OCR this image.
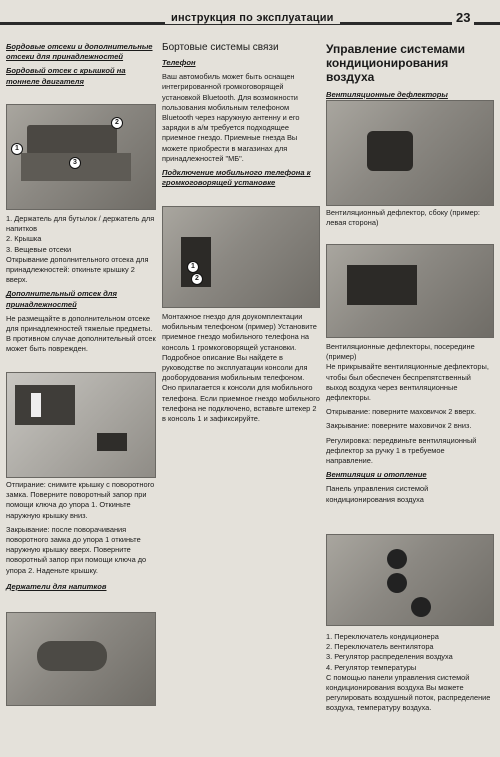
инструкция по эксплуатации	23

Бордовые отсеки и дополнительные отсеки для принадлежностей

Бордовый отсек с крышкой на тоннеле двигателя

1
2
3

1. Держатель для бутылок / держатель для напитков

2. Крышка

3. Вещевые отсеки

Открывание дополнительного отсека для принадлежностей: откиньте крышку 2 вверх.

Дополнительный отсек для принадлежностей

Не размещайте в дополнительном отсеке для принадлежностей тяжелые предметы. В противном случае дополнительный отсек может быть поврежден.

Отпирание: снимите крышку с поворотного замка. Поверните поворотный запор при помощи ключа до упора 1. Откиньте наружную крышку вниз.

Закрывание: после поворачивания поворотного замка до упора 1 откиньте наружную крышку вверх. Поверните поворотный запор при помощи ключа до упора 2. Наденьте крышку.

Держатели для напитков

Бортовые системы связи

Телефон

Ваш автомобиль может быть оснащен интегрированной громкоговорящей установкой Bluetooth. Для возможности пользования мобильным телефоном Bluetooth через наружную антенну и его зарядки в а/м требуется подходящее приемное гнездо. Приемные гнезда Вы можете приобрести в магазинах для принадлежностей "МБ".

Подключение мобильного телефона к громкоговорящей установке

1
2

Монтажное гнездо для доукомплектации мобильным телефоном (пример) Установите приемное гнездо мобильного телефона на консоль 1 громкоговорящей установки. Подробное описание Вы найдете в руководстве по эксплуатации консоли для дооборудования мобильным телефоном. Оно прилагается к консоли для мобильного телефона. Если приемное гнездо мобильного телефона не подключено, вставьте штекер 2 в консоль 1 и зафиксируйте.

Управление системами кондиционирования воздуха

Вентиляционные дефлекторы

Вентиляционный дефлектор, сбоку (пример: левая сторона)

Вентиляционные дефлекторы, посередине (пример)

Не прикрывайте вентиляционные дефлекторы, чтобы был обеспечен беспрепятственный выход воздуха через вентиляционные дефлекторы.

Открывание: поверните маховичок 2 вверх.

Закрывание: поверните маховичок 2 вниз.

Регулировка: передвиньте вентиляционный дефлектор за ручку 1 в требуемое направление.

Вентиляция и отопление

Панель управления системой кондиционирования воздуха

1. Переключатель кондиционера

2. Переключатель вентилятора

3. Регулятор распределения воздуха

4. Регулятор температуры

С помощью панели управления системой кондиционирования воздуха Вы можете регулировать воздушный поток, распределение воздуха, температуру воздуха.
